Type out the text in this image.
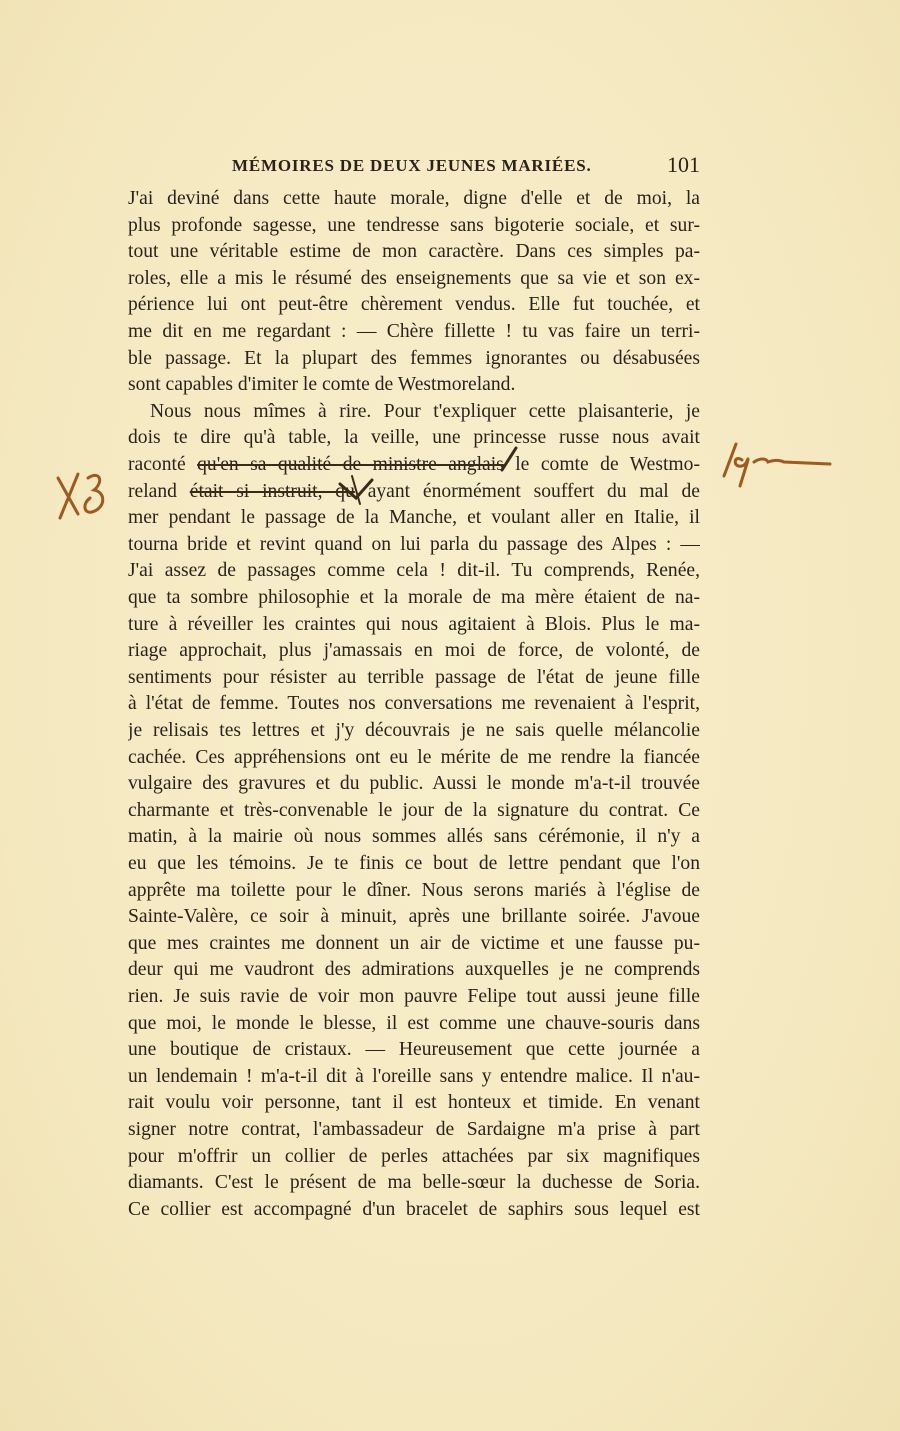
MÉMOIRES DE DEUX JEUNES MARIÉES.	101
J'ai deviné dans cette haute morale, digne d'elle et de moi, la
plus profonde sagesse, une tendresse sans bigoterie sociale, et sur-
tout une véritable estime de mon caractère. Dans ces simples pa-
roles, elle a mis le résumé des enseignements que sa vie et son ex-
périence lui ont peut-être chèrement vendus. Elle fut touchée, et
me dit en me regardant : — Chère fillette ! tu vas faire un terri-
ble passage. Et la plupart des femmes ignorantes ou désabusées
sont capables d'imiter le comte de Westmoreland.
Nous nous mîmes à rire. Pour t'expliquer cette plaisanterie, je
dois te dire qu'à table, la veille, une princesse russe nous avait
raconté qu'en sa qualité de ministre anglais le comte de Westmo-
reland était si instruit, qu ayant énormément souffert du mal de
mer pendant le passage de la Manche, et voulant aller en Italie, il
tourna bride et revint quand on lui parla du passage des Alpes : —
J'ai assez de passages comme cela ! dit-il. Tu comprends, Renée,
que ta sombre philosophie et la morale de ma mère étaient de na-
ture à réveiller les craintes qui nous agitaient à Blois. Plus le ma-
riage approchait, plus j'amassais en moi de force, de volonté, de
sentiments pour résister au terrible passage de l'état de jeune fille
à l'état de femme. Toutes nos conversations me revenaient à l'esprit,
je relisais tes lettres et j'y découvrais je ne sais quelle mélancolie
cachée. Ces appréhensions ont eu le mérite de me rendre la fiancée
vulgaire des gravures et du public. Aussi le monde m'a-t-il trouvée
charmante et très-convenable le jour de la signature du contrat. Ce
matin, à la mairie où nous sommes allés sans cérémonie, il n'y a
eu que les témoins. Je te finis ce bout de lettre pendant que l'on
apprête ma toilette pour le dîner. Nous serons mariés à l'église de
Sainte-Valère, ce soir à minuit, après une brillante soirée. J'avoue
que mes craintes me donnent un air de victime et une fausse pu-
deur qui me vaudront des admirations auxquelles je ne comprends
rien. Je suis ravie de voir mon pauvre Felipe tout aussi jeune fille
que moi, le monde le blesse, il est comme une chauve-souris dans
une boutique de cristaux. — Heureusement que cette journée a
un lendemain ! m'a-t-il dit à l'oreille sans y entendre malice. Il n'au-
rait voulu voir personne, tant il est honteux et timide. En venant
signer notre contrat, l'ambassadeur de Sardaigne m'a prise à part
pour m'offrir un collier de perles attachées par six magnifiques
diamants. C'est le présent de ma belle-sœur la duchesse de Soria.
Ce collier est accompagné d'un bracelet de saphirs sous lequel est
